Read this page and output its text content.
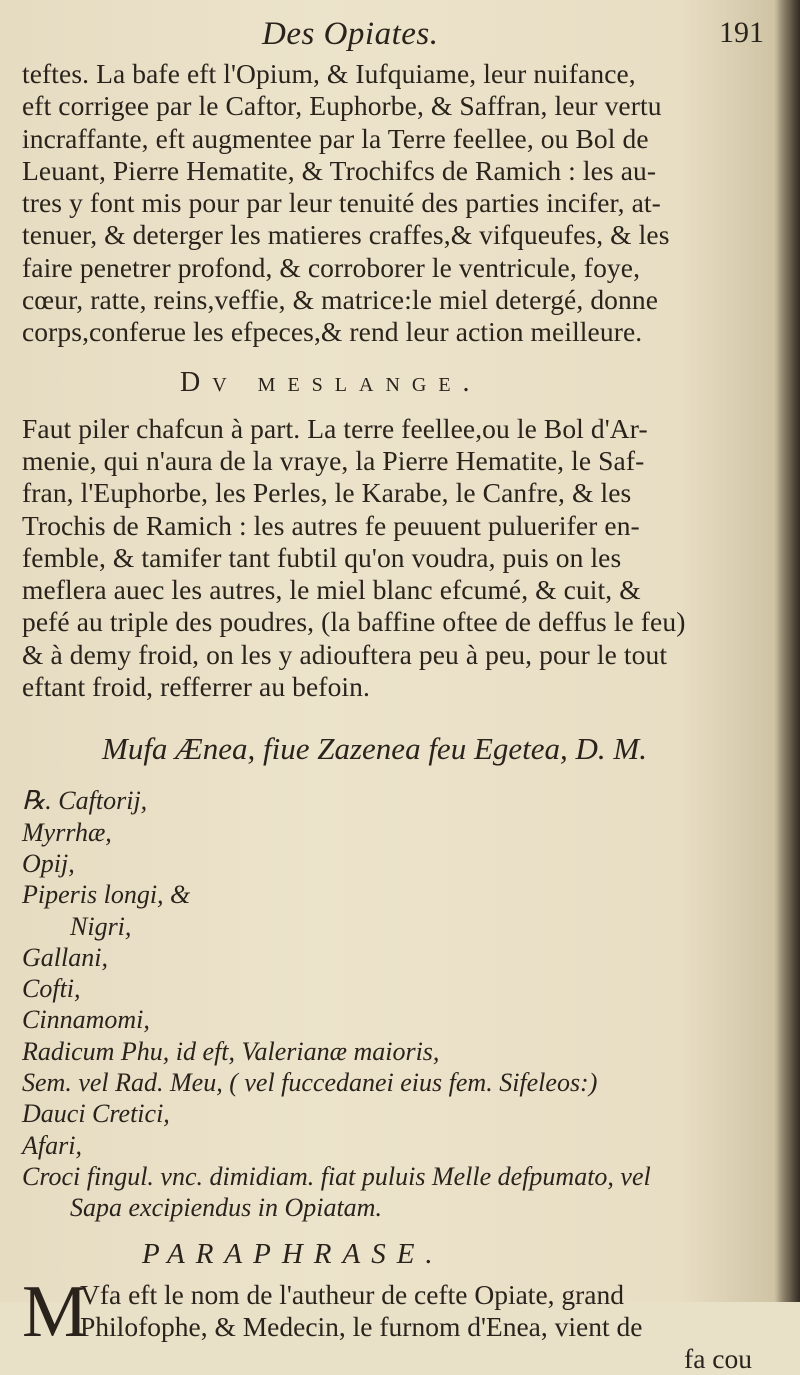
Des Opiates.	191

teftes. La bafe eft l'Opium, & Iufquiame, leur nuifance,
eft corrigee par le Caftor, Euphorbe, & Saffran, leur vertu
incraffante, eft augmentee par la Terre feellee, ou Bol de
Leuant, Pierre Hematite, & Trochifcs de Ramich : les au-
tres y font mis pour par leur tenuité des parties incifer, at-
tenuer, & deterger les matieres craffes,& vifqueufes, & les
faire penetrer profond, & corroborer le ventricule, foye,
cœur, ratte, reins,veffie, & matrice:le miel detergé, donne
corps,conferue les efpeces,& rend leur action meilleure.

Dv meslange.

Faut piler chafcun à part. La terre feellee,ou le Bol d'Ar-
menie, qui n'aura de la vraye, la Pierre Hematite, le Saf-
fran, l'Euphorbe, les Perles, le Karabe, le Canfre, & les
Trochis de Ramich : les autres fe peuuent puluerifer en-
femble, & tamifer tant fubtil qu'on voudra, puis on les
meflera auec les autres, le miel blanc efcumé, & cuit, &
pefé au triple des poudres, (la baffine oftee de deffus le feu)
& à demy froid, on les y adiouftera peu à peu, pour le tout
eftant froid, refferrer au befoin.

Mufa Ænea, fiue Zazenea feu Egetea, D. M.
℞. Caftorij,
Myrrhæ,
Opij,
Piperis longi, &
Nigri,
Gallani,
Cofti,
Cinnamomi,
Radicum Phu, id eft, Valerianæ maioris,
Sem. vel Rad. Meu, ( vel fuccedanei eius fem. Sifeleos:)
Dauci Cretici,
Afari,
Croci fingul. vnc. dimidiam. fiat puluis Melle defpumato, vel
Sapa excipiendus in Opiatam.
PARAPHRASE.
M
Vfa eft le nom de l'autheur de cefte Opiate, grand
Philofophe, & Medecin, le furnom d'Enea, vient de
fa cou
